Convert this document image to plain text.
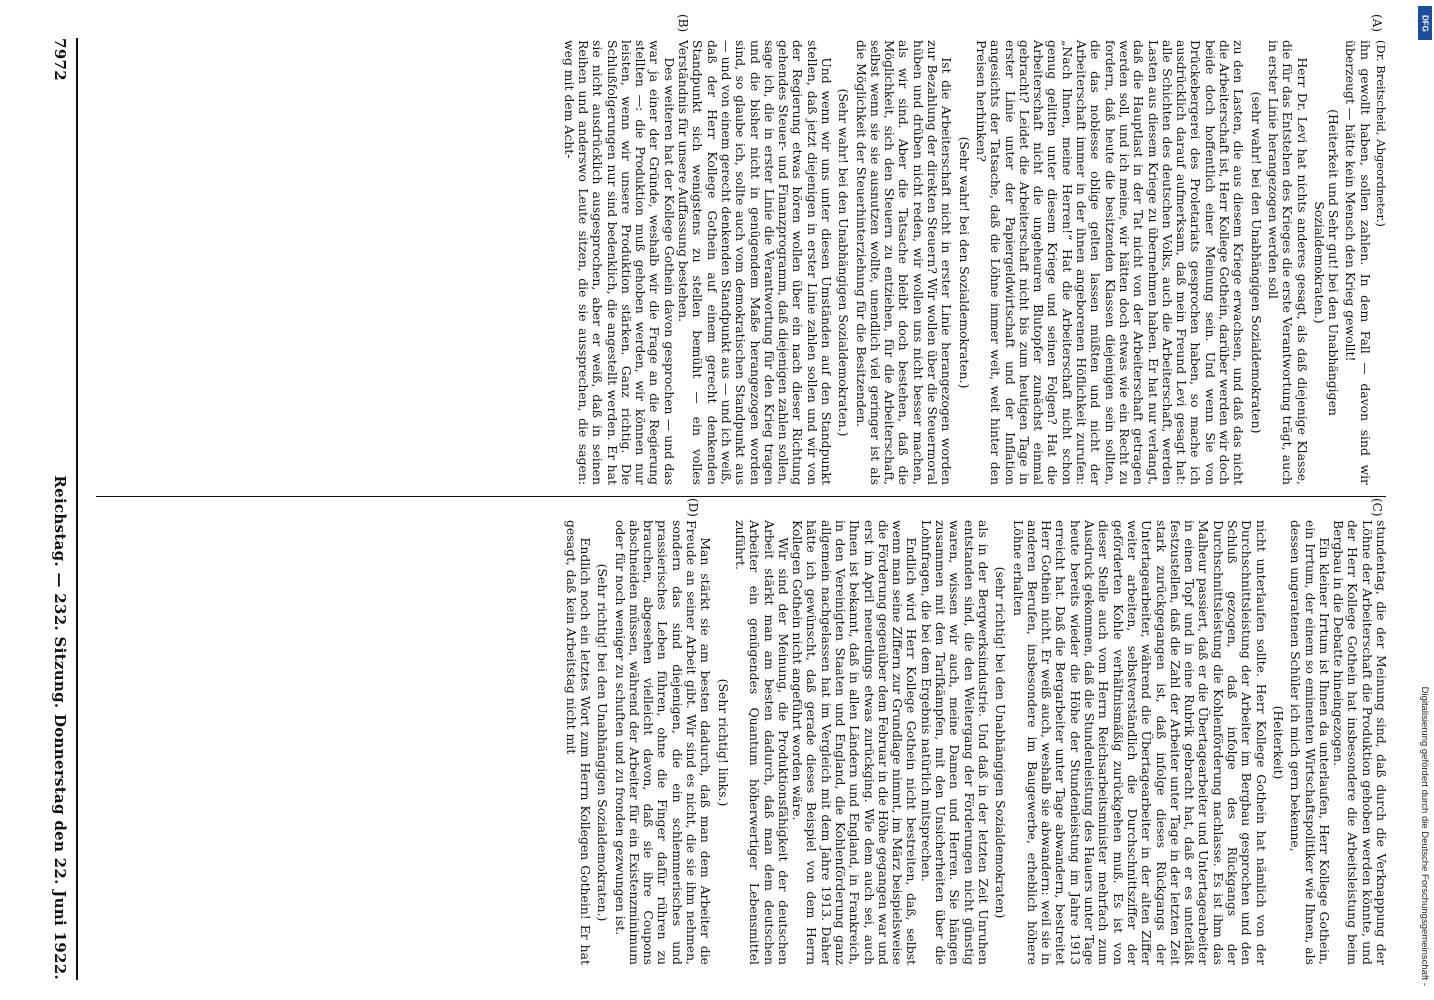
(Dr. Breitscheid, Abgeordneter.)

ihn gewollt haben, sollen zahlen. In dem Fall — davon sind wir überzeugt — hätte kein Mensch den Krieg gewollt!

(Heiterkeit und Sehr gut! bei den Unabhängigen Sozialdemokraten.)

Herr Dr. Levi hat nichts anderes gesagt, als daß diejenige Klasse, die für das Entstehen des Krieges die erste Verantwortung trägt, auch in erster Linie herangezogen werden soll

(sehr wahr! bei den Unabhängigen Sozialdemokraten)

zu den Lasten, die aus diesem Kriege erwachsen, und daß das nicht die Arbeiterschaft ist, Herr Kollege Gothein, darüber werden wir doch beide doch hoffentlich einer Meinung sein. Und wenn Sie von Drückebergerei des Proletariats gesprochen haben, so mache ich ausdrücklich darauf aufmerksam, daß mein Freund Levi gesagt hat: alle Schichten des deutschen Volks, auch die Arbeiterschaft, werden Lasten aus diesem Kriege zu übernehmen haben. Er hat nur verlangt, daß die Hauptlast in der Tat nicht von der Arbeiterschaft getragen werden soll, und ich meine, wir hätten doch etwas wie ein Recht zu fordern, daß heute die besitzenden Klassen diejenigen sein sollten, die das noblesse oblige gelten lassen müßten und nicht der Arbeiterschaft immer in der ihnen angeborenen Höflichkeit zurufen: „Nach Ihnen, meine Herren!“ Hat die Arbeiterschaft nicht schon genug gelitten unter diesem Kriege und seinen Folgen? Hat die Arbeiterschaft nicht die ungeheuren Blutopfer zunächst einmal gebracht? Leidet die Arbeiterschaft nicht bis zum heutigen Tage in erster Linie unter der Papiergeldwirtschaft und der Inflation angesichts der Tatsache, daß die Löhne immer weit, weit hinter den Preisen herhinken?

(Sehr wahr! bei den Sozialdemokraten.)

Ist die Arbeiterschaft nicht in erster Linie herangezogen worden zur Bezahlung der direkten Steuern? Wir wollen über die Steuermoral hüben und drüben nicht reden, wir wollen uns nicht besser machen, als wir sind. Aber die Tatsache bleibt doch bestehen, daß die Möglichkeit, sich den Steuern zu entziehen, für die Arbeiterschaft, selbst wenn sie sie ausnutzen wollte, unendlich viel geringer ist als die Möglichkeit der Steuerhinterziehung für die Besitzenden.

(Sehr wahr! bei den Unabhängigen Sozialdemokraten.)

Und wenn wir uns unter diesen Umständen auf den Standpunkt stellen, daß jetzt diejenigen in erster Linie zahlen sollen und wir von der Regierung etwas hören wollen über ein nach dieser Richtung gehendes Steuer- und Finanzprogramm, daß diejenigen zahlen sollen, sage ich, die in erster Linie die Verantwortung für den Krieg tragen und die bisher nicht in genügendem Maße herangezogen worden sind, so glaube ich, sollte auch vom demokratischen Standpunkt aus — und von einem gerecht denkenden Standpunkt aus — und ich weiß, daß der Herr Kollege Gothein auf einem gerecht denkenden Standpunkt sich wenigstens zu stellen bemüht — ein volles Verständnis für unsere Auffassung bestehen.

Des weiteren hat der Kollege Gothein davon gesprochen — und das war ja einer der Gründe, weshalb wir die Frage an die Regierung stellten —: die Produktion muß gehoben werden, wir können nur leisten, wenn wir unsere Produktion stärken. Ganz richtig. Die Schlußfolgerungen nur sind bedenklich, die angestellt werden. Er hat sie nicht ausdrücklich ausgesprochen, aber er weiß, daß in seinen Reihen und anderswo Leute sitzen, die sie aussprechen, die sagen: weg mit dem Acht-

stundentag, die der Meinung sind, daß durch die Verknappung der Löhne der Arbeiterschaft die Produktion gehoben werden könnte, und der Herr Kollege Gothein hat insbesondere die Arbeitsleistung beim Bergbau in die Debatte hineingezogen.

Ein kleiner Irrtum ist Ihnen da unterlaufen, Herr Kollege Gothein, ein Irrtum, der einem so eminenten Wirtschaftspolitiker wie Ihnen, als dessen ungeratenen Schüler ich mich gern bekenne,

(Heiterkeit)

nicht unterlaufen sollte. Herr Kollege Gothein hat nämlich von der Durchschnittsleistung der Arbeiter im Bergbau gesprochen und den Schluß gezogen, daß infolge des Rückgangs der Durchschnittsleistung die Kohlenförderung nachlasse. Es ist ihm das Malheur passiert, daß er die Übertagearbeiter und Untertagearbeiter in einen Topf und in eine Rubrik gebracht hat, daß er es unterläßt festzustellen, daß die Zahl der Arbeiter unter Tage in der letzten Zeit stark zurückgegangen ist, daß infolge dieses Rückgangs der Untertagearbeiter, während die Übertagearbeiter in der alten Ziffer weiter arbeiten, selbstverständlich die Durchschnittsziffer der geförderten Kohle verhältnismäßig zurückgehen muß. Es ist von dieser Stelle auch vom Herrn Reichsarbeitsminister mehrfach zum Ausdruck gekommen, daß die Stundenleistung des Hauers unter Tage heute bereits wieder die Höhe der Stundenleistung im Jahre 1913 erreicht hat. Daß die Bergarbeiter unter Tage abwandern, bestreitet Herr Gothein nicht. Er weiß auch, weshalb sie abwandern: weil sie in anderen Berufen, insbesondere im Baugewerbe, erheblich höhere Löhne erhalten

(sehr richtig! bei den Unabhängigen Sozialdemokraten)

als in der Bergwerksindustrie. Und daß in der letzten Zeit Unruhen entstanden sind, die den Weitergang der Förderungen nicht günstig waren, wissen wir auch, meine Damen und Herren. Sie hängen zusammen mit den Tarifkämpfen, mit den Unsicherheiten über die Lohnfragen, die bei dem Ergebnis natürlich mitsprechen.

Endlich wird Herr Kollege Gothein nicht bestreiten, daß, selbst wenn man seine Ziffern zur Grundlage nimmt, im März beispielsweise die Förderung gegenüber dem Februar in die Höhe gegangen war und erst im April neuerdings etwas zurückging. Wie dem auch sei, auch Ihnen ist bekannt, daß in allen Ländern und England, in Frankreich, in den Vereinigten Staaten und England, die Kohlenförderung ganz allgemein nachgelassen hat im Vergleich mit dem Jahre 1913. Daher hätte ich gewünscht, daß gerade dieses Beispiel von dem Herrn Kollegen Gothein nicht angeführt worden wäre.

Wir sind der Meinung, die Produktionsfähigkeit der deutschen Arbeit stärkt man am besten dadurch, daß man dem deutschen Arbeiter ein genügendes Quantum höherwertiger Lebensmittel zuführt.

(Sehr richtig! links.)

Man stärkt sie am besten dadurch, daß man dem Arbeiter die Freude an seiner Arbeit gibt. Wir sind es nicht, die sie ihm nehmen, sondern das sind diejenigen, die ein schlemmerisches und prassierisches Leben führen, ohne die Finger dafür rühren zu brauchen, abgesehen vielleicht davon, daß sie ihre Coupons abschneiden müssen, während der Arbeiter für ein Existenzminimum oder für noch weniger zu schuften und zu fronden gezwungen ist.

(Sehr richtig! bei den Unabhängigen Sozialdemokraten.)

Endlich noch ein letztes Wort zum Herrn Kollegen Gothein! Er hat gesagt, daß kein Arbeitstag nicht mit

(A)
(B)
(C)
(D)
7972
Reichstag. — 232. Sitzung. Donnerstag den 22. Juni 1922.	Digitalisierung gefördert durch die Deutsche Forschungsgemeinschaft -
DFG
